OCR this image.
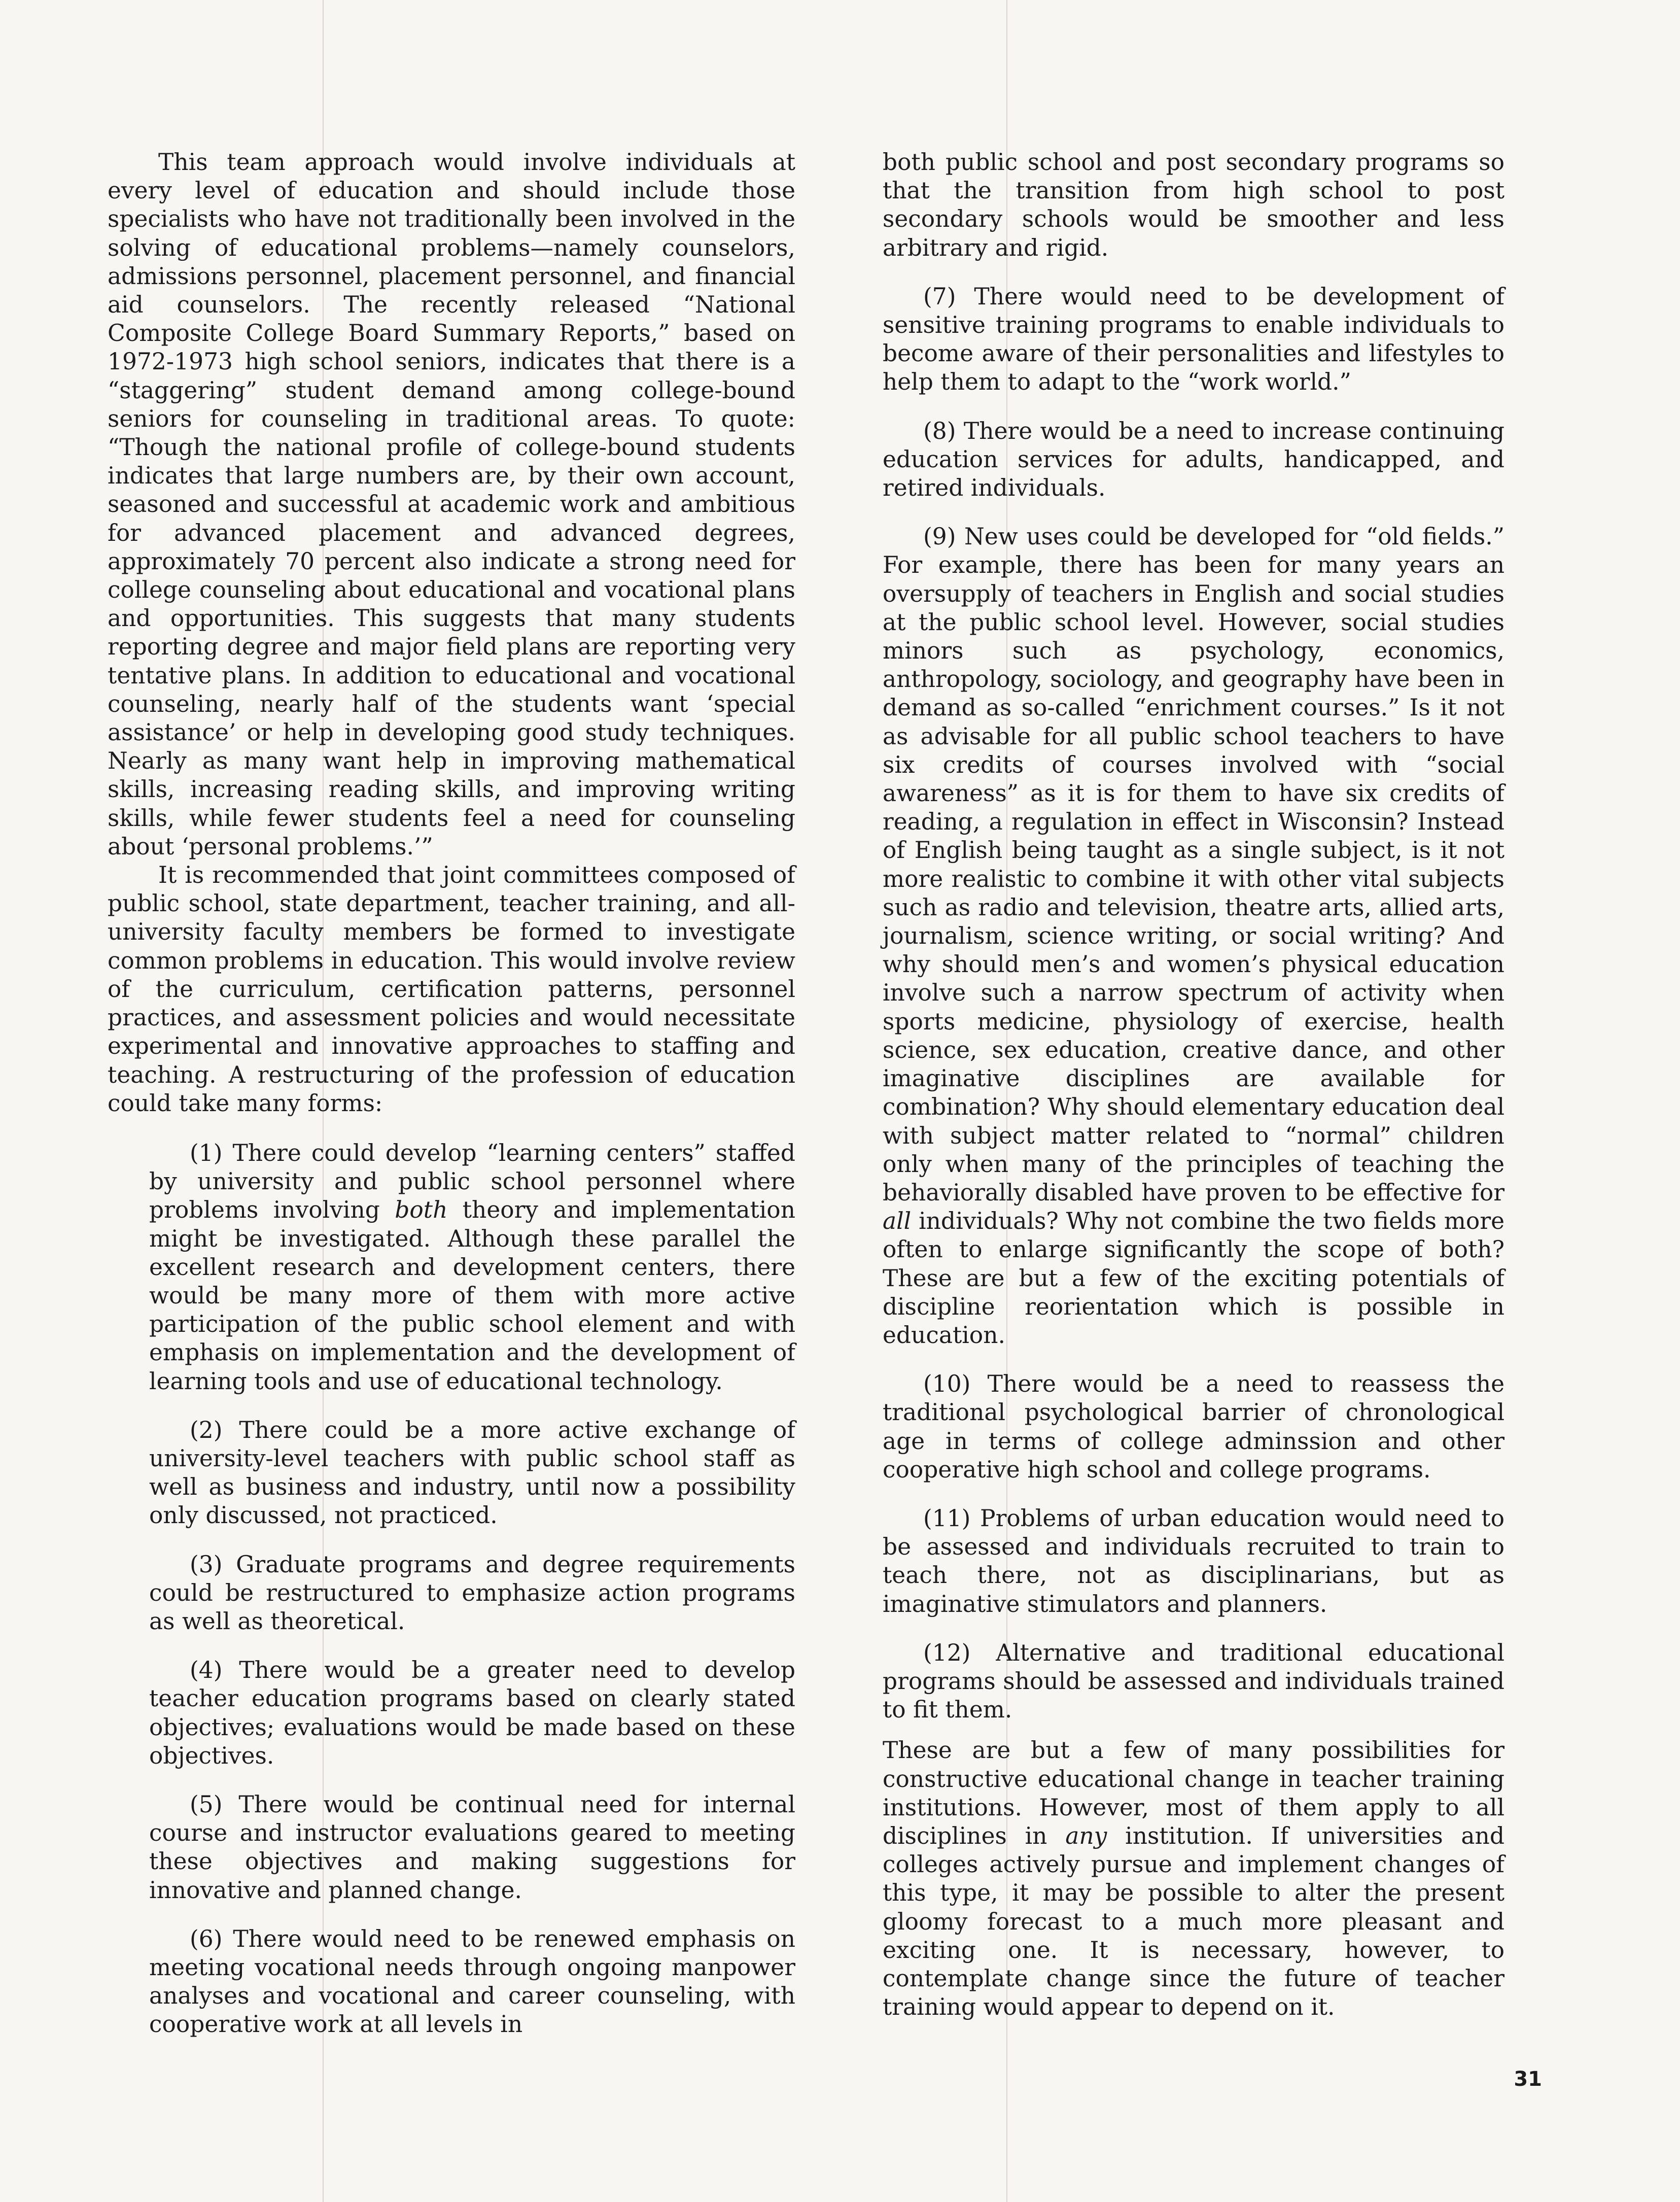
This team approach would involve individuals at every level of education and should include those specialists who have not traditionally been involved in the solving of educational problems—namely counselors, admissions personnel, placement personnel, and financial aid counselors. The recently released “National Composite College Board Summary Reports,” based on 1972-1973 high school seniors, indicates that there is a “staggering” student demand among college-bound seniors for counseling in traditional areas. To quote: “Though the national profile of college-bound students indicates that large numbers are, by their own account, seasoned and successful at academic work and ambitious for advanced placement and advanced degrees, approximately 70 percent also indicate a strong need for college counseling about educational and vocational plans and opportunities. This suggests that many students reporting degree and major field plans are reporting very tentative plans. In addition to educational and vocational counseling, nearly half of the students want ‘special assistance’ or help in developing good study techniques. Nearly as many want help in improving mathematical skills, increasing reading skills, and improving writing skills, while fewer students feel a need for counseling about ‘personal problems.’”

It is recommended that joint committees composed of public school, state department, teacher training, and all-university faculty members be formed to investigate common problems in education. This would involve review of the curriculum, certification patterns, personnel practices, and assessment policies and would necessitate experimental and innovative approaches to staffing and teaching. A restructuring of the profession of education could take many forms:

(1) There could develop “learning centers” staffed by university and public school personnel where problems involving both theory and implementation might be investigated. Although these parallel the excellent research and development centers, there would be many more of them with more active participation of the public school element and with emphasis on implementation and the development of learning tools and use of educational technology.

(2) There could be a more active exchange of university-level teachers with public school staff as well as business and industry, until now a possibility only discussed, not practiced.

(3) Graduate programs and degree requirements could be restructured to emphasize action programs as well as theoretical.

(4) There would be a greater need to develop teacher education programs based on clearly stated objectives; evaluations would be made based on these objectives.

(5) There would be continual need for internal course and instructor evaluations geared to meeting these objectives and making suggestions for innovative and planned change.

(6) There would need to be renewed emphasis on meeting vocational needs through ongoing manpower analyses and vocational and career counseling, with cooperative work at all levels in

both public school and post secondary programs so that the transition from high school to post secondary schools would be smoother and less arbitrary and rigid.

(7) There would need to be development of sensitive training programs to enable individuals to become aware of their personalities and lifestyles to help them to adapt to the “work world.”

(8) There would be a need to increase continuing education services for adults, handicapped, and retired individuals.

(9) New uses could be developed for “old fields.” For example, there has been for many years an oversupply of teachers in English and social studies at the public school level. However, social studies minors such as psychology, economics, anthropology, sociology, and geography have been in demand as so-called “enrichment courses.” Is it not as advisable for all public school teachers to have six credits of courses involved with “social awareness” as it is for them to have six credits of reading, a regulation in effect in Wisconsin? Instead of English being taught as a single subject, is it not more realistic to combine it with other vital subjects such as radio and television, theatre arts, allied arts, journalism, science writing, or social writing? And why should men’s and women’s physical education involve such a narrow spectrum of activity when sports medicine, physiology of exercise, health science, sex education, creative dance, and other imaginative disciplines are available for combination? Why should elementary education deal with subject matter related to “normal” children only when many of the principles of teaching the behaviorally disabled have proven to be effective for all individuals? Why not combine the two fields more often to enlarge significantly the scope of both? These are but a few of the exciting potentials of discipline reorientation which is possible in education.

(10) There would be a need to reassess the traditional psychological barrier of chronological age in terms of college adminssion and other cooperative high school and college programs.

(11) Problems of urban education would need to be assessed and individuals recruited to train to teach there, not as disciplinarians, but as imaginative stimulators and planners.

(12) Alternative and traditional educational programs should be assessed and individuals trained to fit them.

These are but a few of many possibilities for constructive educational change in teacher training institutions. However, most of them apply to all disciplines in any institution. If universities and colleges actively pursue and implement changes of this type, it may be possible to alter the present gloomy forecast to a much more pleasant and exciting one. It is necessary, however, to contemplate change since the future of teacher training would appear to depend on it.

31
